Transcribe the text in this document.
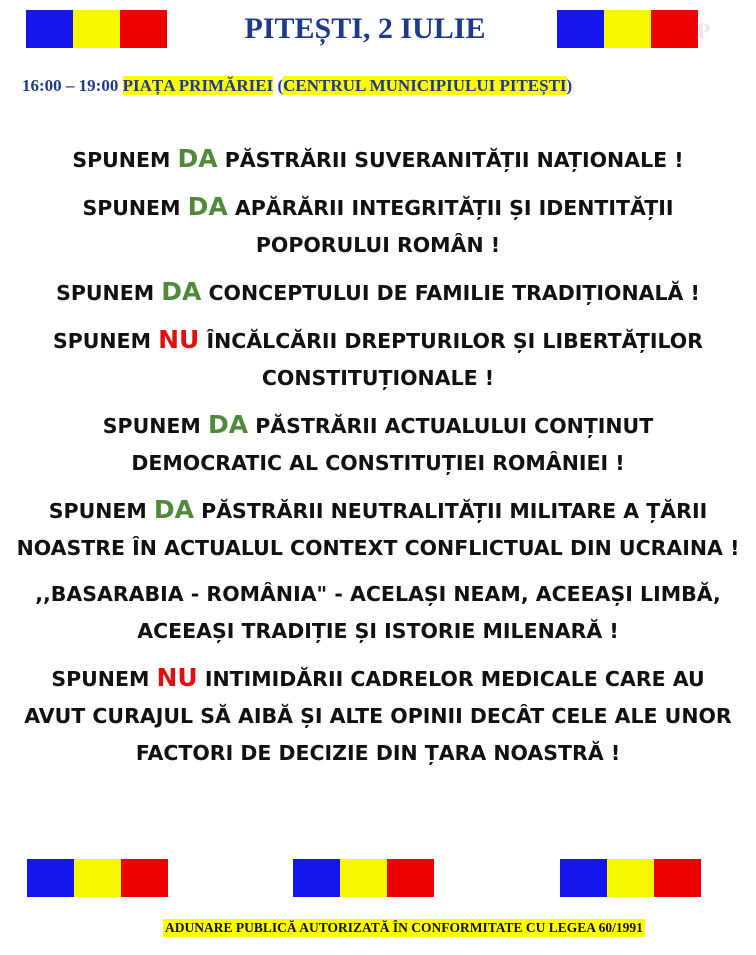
PITEȘTI, 2 IULIE	P
16:00 – 19:00 PIAȚA PRIMĂRIEI (CENTRUL MUNICIPIULUI PITEȘTI)
SPUNEM DA PĂSTRĂRII SUVERANITĂȚII NAȚIONALE !
SPUNEM DA APĂRĂRII INTEGRITĂȚII ȘI IDENTITĂȚII
POPORULUI ROMÂN !
SPUNEM DA CONCEPTULUI DE FAMILIE TRADIȚIONALĂ !
SPUNEM NU ÎNCĂLCĂRII DREPTURILOR ȘI LIBERTĂȚILOR
CONSTITUȚIONALE !
SPUNEM DA PĂSTRĂRII ACTUALULUI CONȚINUT
DEMOCRATIC AL CONSTITUȚIEI ROMÂNIEI !
SPUNEM DA PĂSTRĂRII NEUTRALITĂȚII MILITARE A ȚĂRII
NOASTRE ÎN ACTUALUL CONTEXT CONFLICTUAL DIN UCRAINA !
,,BASARABIA - ROMÂNIA" - ACELAȘI NEAM, ACEEAȘI LIMBĂ,
ACEEAȘI TRADIȚIE ȘI ISTORIE MILENARĂ !
SPUNEM NU INTIMIDĂRII CADRELOR MEDICALE CARE AU
AVUT CURAJUL SĂ AIBĂ ȘI ALTE OPINII DECÂT CELE ALE UNOR
FACTORI DE DECIZIE DIN ȚARA NOASTRĂ !
ADUNARE PUBLICĂ AUTORIZATĂ ÎN CONFORMITATE CU LEGEA 60/1991
